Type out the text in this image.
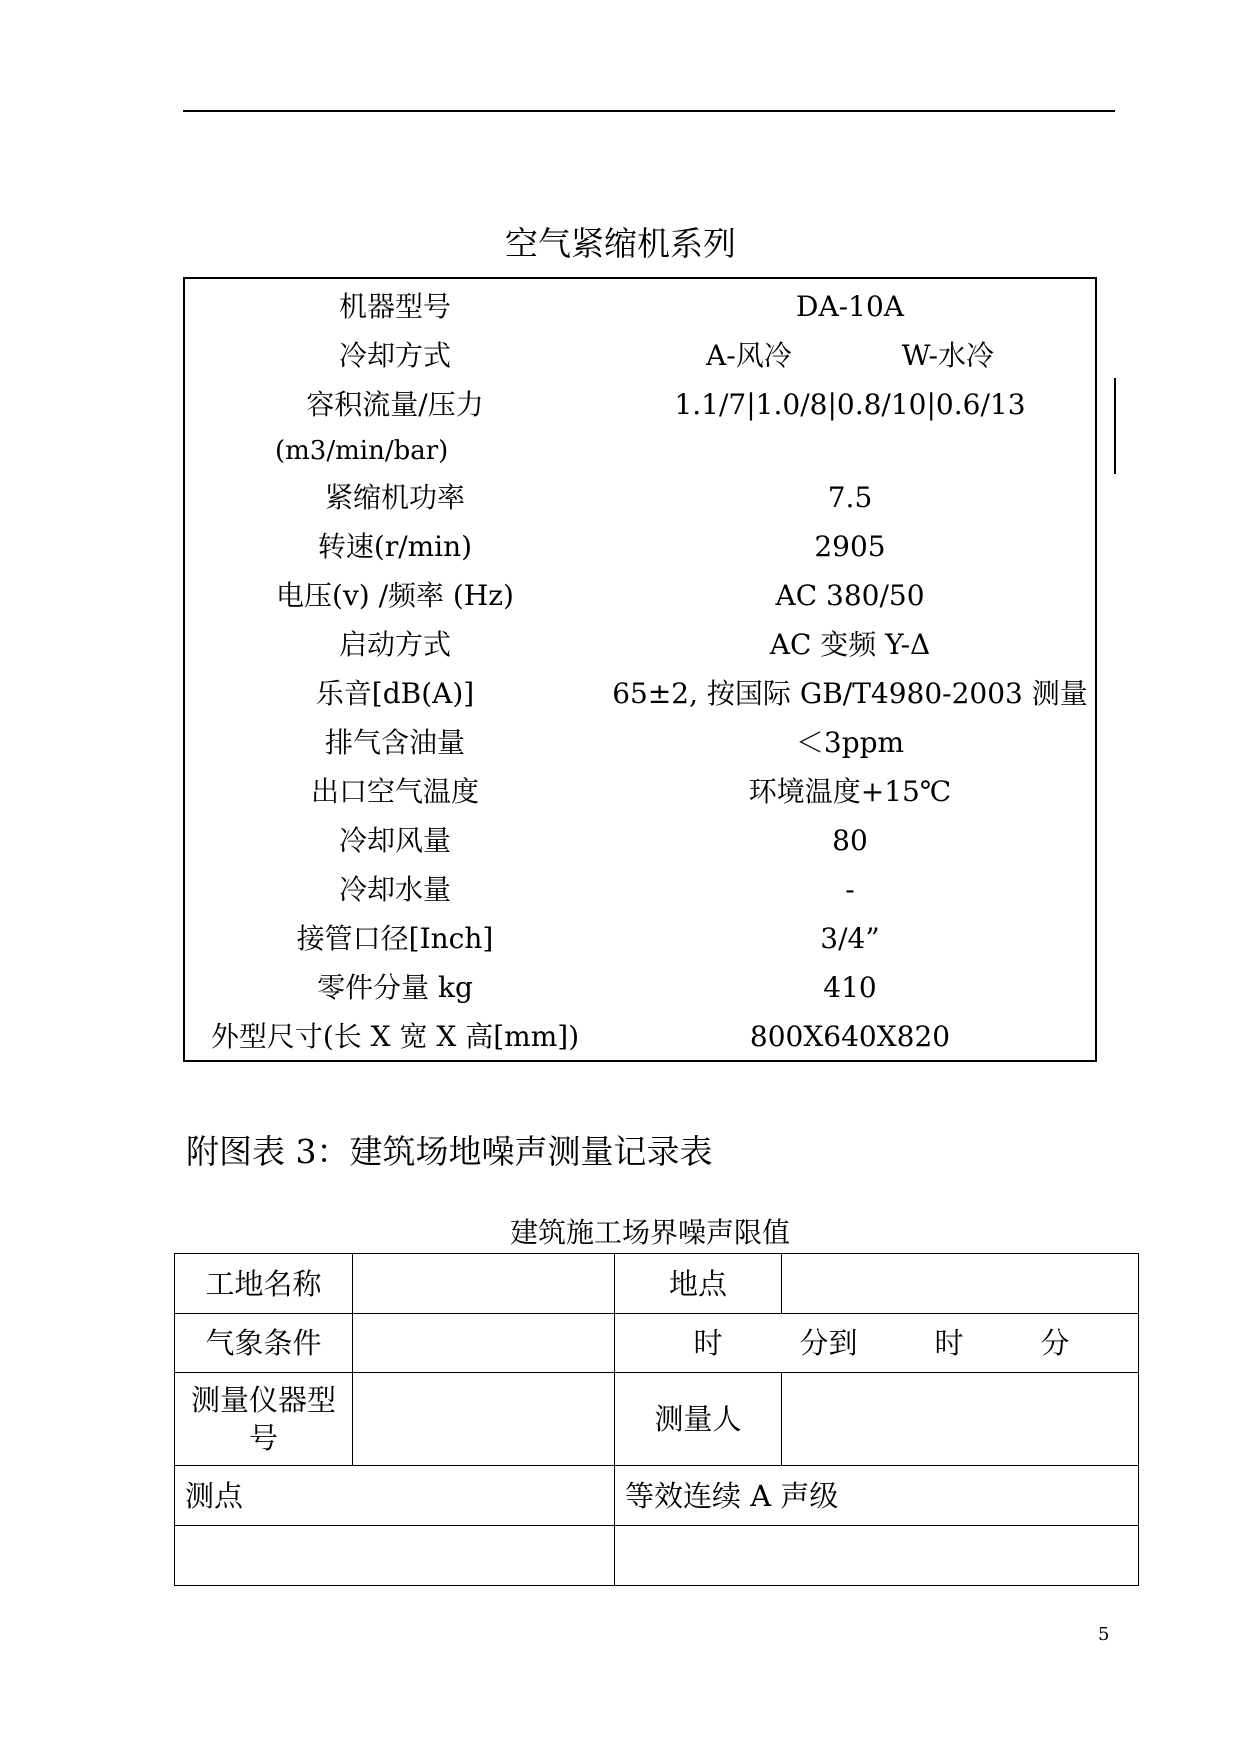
空气紧缩机系列
机器型号	DA-10A
冷却方式	A-风冷	W-水冷
容积流量/压力	1.1/7|1.0/8|0.8/10|0.6/13
(m3/min/bar)
紧缩机功率	7.5
转速(r/min)	2905
电压(v) /频率 (Hz)	AC 380/50
启动方式	AC 变频 Y-Δ
乐音[dB(A)]	65±2, 按国际 GB/T4980-2003 测量
排气含油量	＜3ppm
出口空气温度	环境温度+15℃
冷却风量	80
冷却水量	-
接管口径[Inch]	3/4”
零件分量 kg	410
外型尺寸(长 X 宽 X 高[mm])	800X640X820
附图表 3：建筑场地噪声测量记录表
建筑施工场界噪声限值
工地名称		地点	
气象条件		时 分到 时 分	

测量仪器型号		测量人	
测点		等效连续 A 声级	

5
